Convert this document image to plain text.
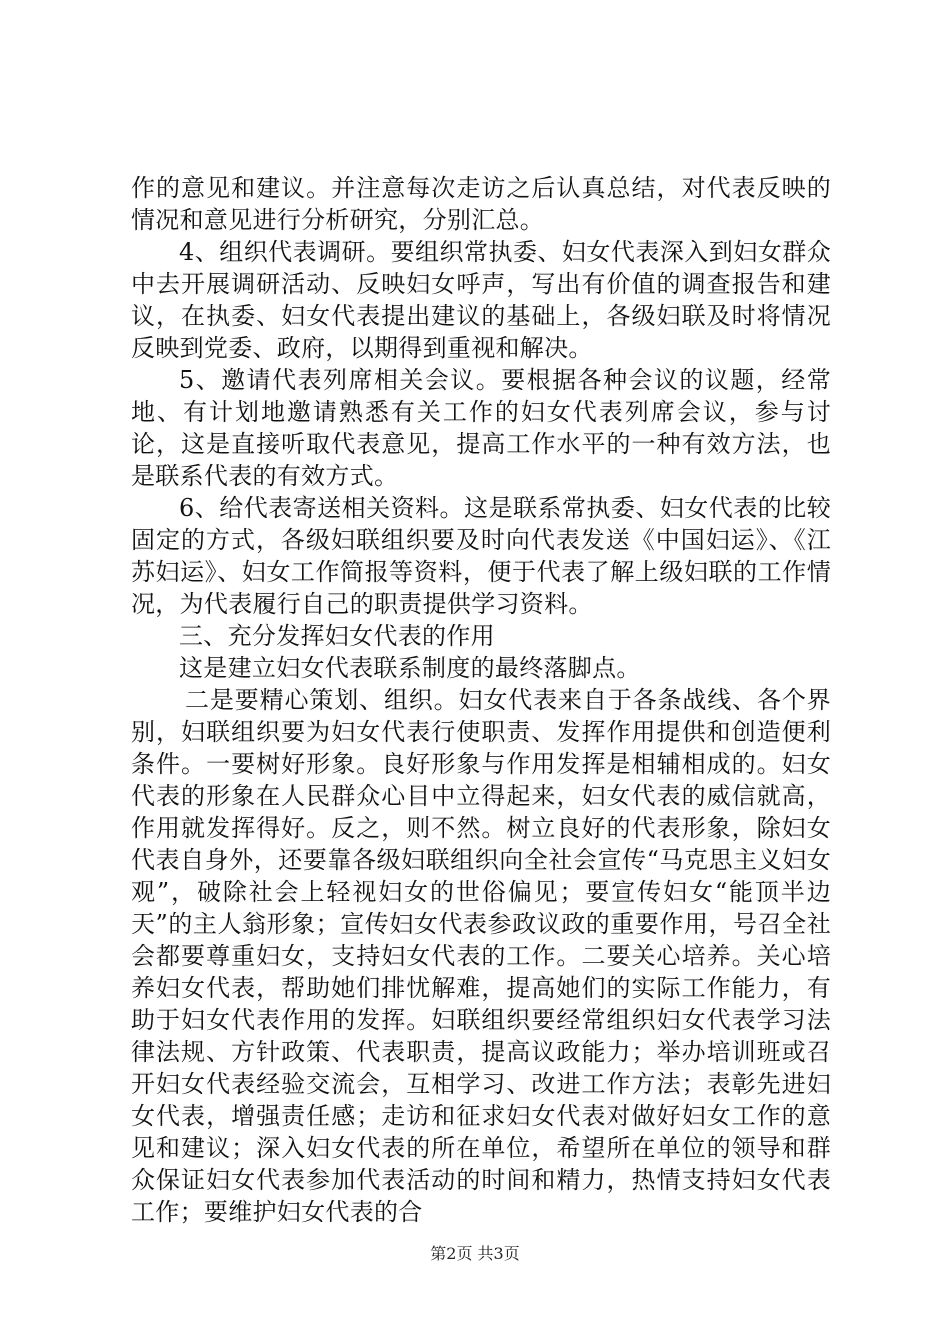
作的意见和建议。并注意每次走访之后认真总结，对代表反映的情况和意见进行分析研究，分别汇总。

4、组织代表调研。要组织常执委、妇女代表深入到妇女群众中去开展调研活动、反映妇女呼声，写出有价值的调查报告和建议，在执委、妇女代表提出建议的基础上，各级妇联及时将情况反映到党委、政府，以期得到重视和解决。

5、邀请代表列席相关会议。要根据各种会议的议题，经常地、有计划地邀请熟悉有关工作的妇女代表列席会议，参与讨论，这是直接听取代表意见，提高工作水平的一种有效方法，也是联系代表的有效方式。

6、给代表寄送相关资料。这是联系常执委、妇女代表的比较固定的方式，各级妇联组织要及时向代表发送《中国妇运》、《江苏妇运》、妇女工作简报等资料，便于代表了解上级妇联的工作情况，为代表履行自己的职责提供学习资料。

三、充分发挥妇女代表的作用

这是建立妇女代表联系制度的最终落脚点。

二是要精心策划、组织。妇女代表来自于各条战线、各个界别，妇联组织要为妇女代表行使职责、发挥作用提供和创造便利条件。一要树好形象。良好形象与作用发挥是相辅相成的。妇女代表的形象在人民群众心目中立得起来，妇女代表的威信就高，作用就发挥得好。反之，则不然。树立良好的代表形象，除妇女代表自身外，还要靠各级妇联组织向全社会宣传“马克思主义妇女观”，破除社会上轻视妇女的世俗偏见；要宣传妇女“能顶半边天”的主人翁形象；宣传妇女代表参政议政的重要作用，号召全社会都要尊重妇女，支持妇女代表的工作。二要关心培养。关心培养妇女代表，帮助她们排忧解难，提高她们的实际工作能力，有助于妇女代表作用的发挥。妇联组织要经常组织妇女代表学习法律法规、方针政策、代表职责，提高议政能力；举办培训班或召开妇女代表经验交流会，互相学习、改进工作方法；表彰先进妇女代表，增强责任感；走访和征求妇女代表对做好妇女工作的意见和建议；深入妇女代表的所在单位，希望所在单位的领导和群众保证妇女代表参加代表活动的时间和精力，热情支持妇女代表工作；要维护妇女代表的合

第2页 共3页
